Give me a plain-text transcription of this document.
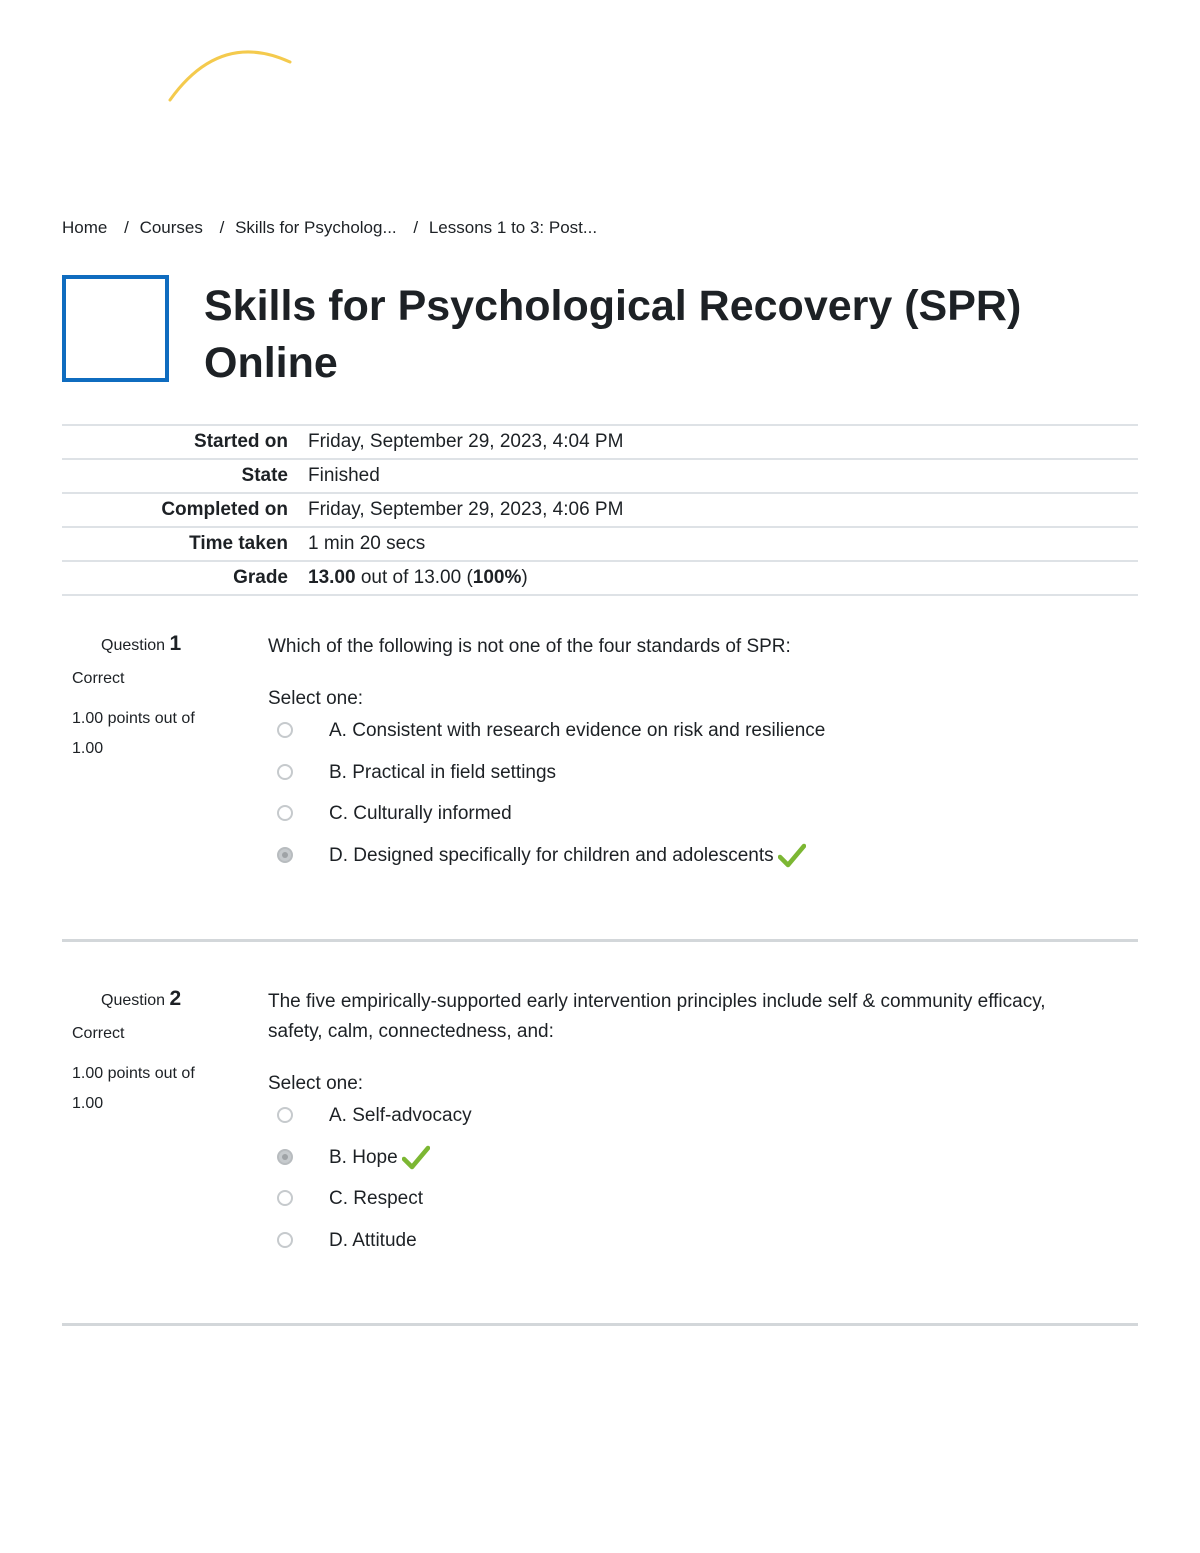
Home / Courses / Skills for Psycholog... / Lessons 1 to 3: Post...
Skills for Psychological Recovery (SPR) Online
Started on	Friday, September 29, 2023, 4:04 PM
State	Finished
Completed on	Friday, September 29, 2023, 4:06 PM
Time taken	1 min 20 secs
Grade	13.00 out of 13.00 (100%)
Question 1
Correct
1.00 points out of 1.00
Which of the following is not one of the four standards of SPR:
Select one:
A. Consistent with research evidence on risk and resilience
B. Practical in field settings
C. Culturally informed
D. Designed specifically for children and adolescents
Question 2
Correct
1.00 points out of 1.00
The five empirically-supported early intervention principles include self & community efficacy, safety, calm, connectedness, and:
Select one:
A. Self-advocacy
B. Hope
C. Respect
D. Attitude
